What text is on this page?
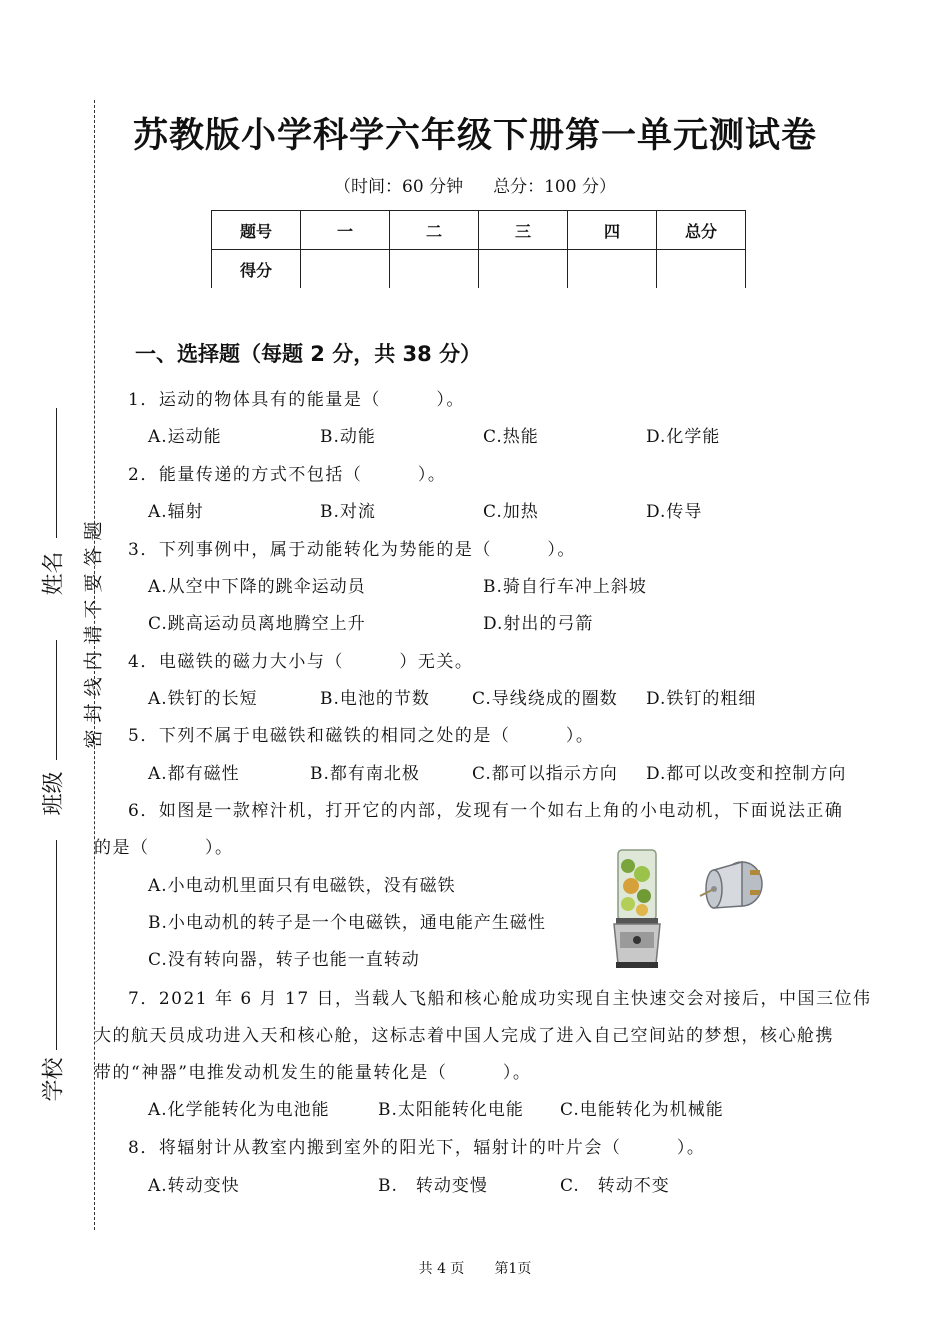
姓名
班级
学校
密封线内请不要答题
苏教版小学科学六年级下册第一单元测试卷
（时间：60 分钟 总分：100 分）
题号	一	二	三	四	总分
得分					
一、选择题（每题 2 分，共 38 分）
1．运动的物体具有的能量是（　　　）。
A.运动能	B.动能	C.热能	D.化学能
2．能量传递的方式不包括（　　　）。
A.辐射	B.对流	C.加热	D.传导
3．下列事例中，属于动能转化为势能的是（　　　）。
A.从空中下降的跳伞运动员	B.骑自行车冲上斜坡
C.跳高运动员离地腾空上升	D.射出的弓箭
4．电磁铁的磁力大小与（　　　）无关。
A.铁钉的长短	B.电池的节数 C.导线绕成的圈数 D.铁钉的粗细
5．下列不属于电磁铁和磁铁的相同之处的是（　　　）。
A.都有磁性	B.都有南北极	C.都可以指示方向 D.都可以改变和控制方向
6．如图是一款榨汁机，打开它的内部，发现有一个如右上角的小电动机，下面说法正确
的是（　　　）。
A.小电动机里面只有电磁铁，没有磁铁
B.小电动机的转子是一个电磁铁，通电能产生磁性
C.没有转向器，转子也能一直转动
7．2021 年 6 月 17 日，当载人飞船和核心舱成功实现自主快速交会对接后，中国三位伟
大的航天员成功进入天和核心舱，这标志着中国人完成了进入自己空间站的梦想，核心舱携
带的“神器”电推发动机发生的能量转化是（　　　）。
A.化学能转化为电池能	B.太阳能转化电能 C.电能转化为机械能
8．将辐射计从教室内搬到室外的阳光下，辐射计的叶片会（　　　）。
A.转动变快	B.　转动变慢	C.　转动不变
共 4 页 第1页
